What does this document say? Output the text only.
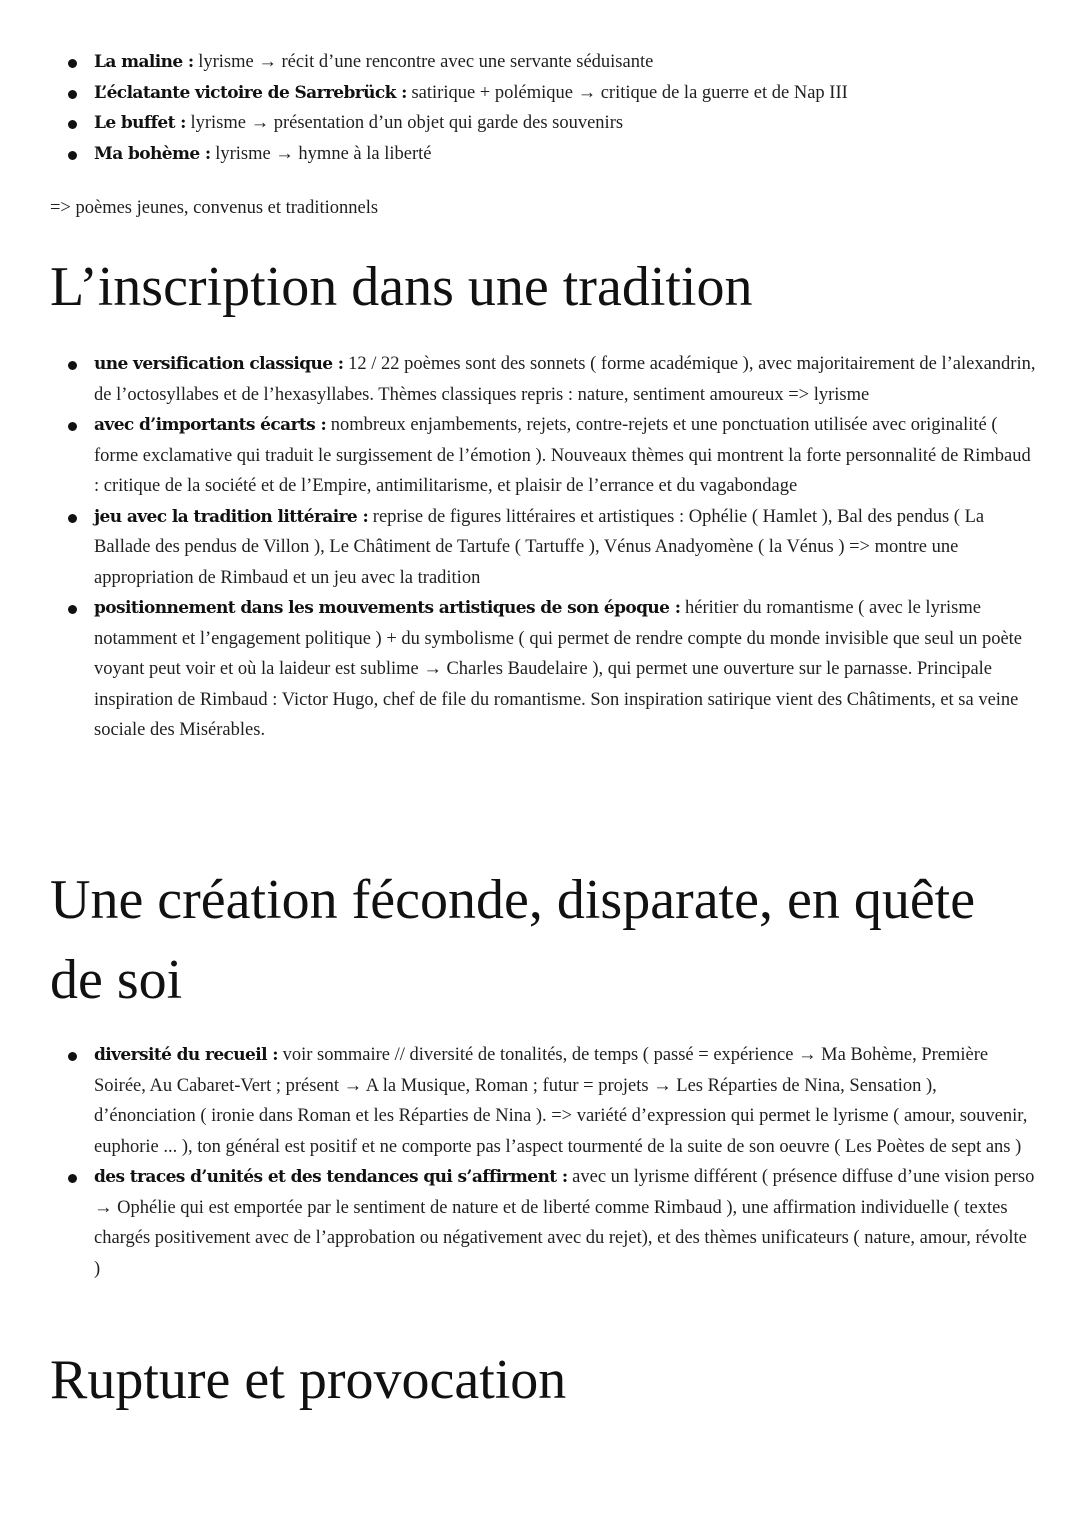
La maline : lyrisme → récit d’une rencontre avec une servante séduisante
L’éclatante victoire de Sarrebrück : satirique + polémique → critique de la guerre et de Nap III
Le buffet : lyrisme → présentation d’un objet qui garde des souvenirs
Ma bohème : lyrisme → hymne à la liberté
=> poèmes jeunes, convenus et traditionnels
L’inscription dans une tradition
une versification classique : 12 / 22 poèmes sont des sonnets ( forme académique ), avec majoritairement de l’alexandrin, de l’octosyllabes et de l’hexasyllabes. Thèmes classiques repris : nature, sentiment amoureux => lyrisme
avec d’importants écarts : nombreux enjambements, rejets, contre-rejets et une ponctuation utilisée avec originalité ( forme exclamative qui traduit le surgissement de l’émotion ). Nouveaux thèmes qui montrent la forte personnalité de Rimbaud : critique de la société et de l’Empire, antimilitarisme, et plaisir de l’errance et du vagabondage
jeu avec la tradition littéraire : reprise de figures littéraires et artistiques : Ophélie ( Hamlet ), Bal des pendus ( La Ballade des pendus de Villon ), Le Châtiment de Tartufe ( Tartuffe ), Vénus Anadyomène ( la Vénus ) => montre une appropriation de Rimbaud et un jeu avec la tradition
positionnement dans les mouvements artistiques de son époque : héritier du romantisme ( avec le lyrisme notamment et l’engagement politique ) + du symbolisme ( qui permet de rendre compte du monde invisible que seul un poète voyant peut voir et où la laideur est sublime → Charles Baudelaire ), qui permet une ouverture sur le parnasse. Principale inspiration de Rimbaud : Victor Hugo, chef de file du romantisme. Son inspiration satirique vient des Châtiments, et sa veine sociale des Misérables.
Une création féconde, disparate, en quête de soi
diversité du recueil : voir sommaire // diversité de tonalités, de temps ( passé = expérience → Ma Bohème, Première Soirée, Au Cabaret-Vert ; présent → A la Musique, Roman ; futur = projets → Les Réparties de Nina, Sensation ), d’énonciation ( ironie dans Roman et les Réparties de Nina ). => variété d’expression qui permet le lyrisme ( amour, souvenir, euphorie ... ), ton général est positif et ne comporte pas l’aspect tourmenté de la suite de son oeuvre ( Les Poètes de sept ans )
des traces d’unités et des tendances qui s’affirment : avec un lyrisme différent ( présence diffuse d’une vision perso → Ophélie qui est emportée par le sentiment de nature et de liberté comme Rimbaud ), une affirmation individuelle ( textes chargés positivement avec de l’approbation ou négativement avec du rejet), et des thèmes unificateurs ( nature, amour, révolte )
Rupture et provocation
